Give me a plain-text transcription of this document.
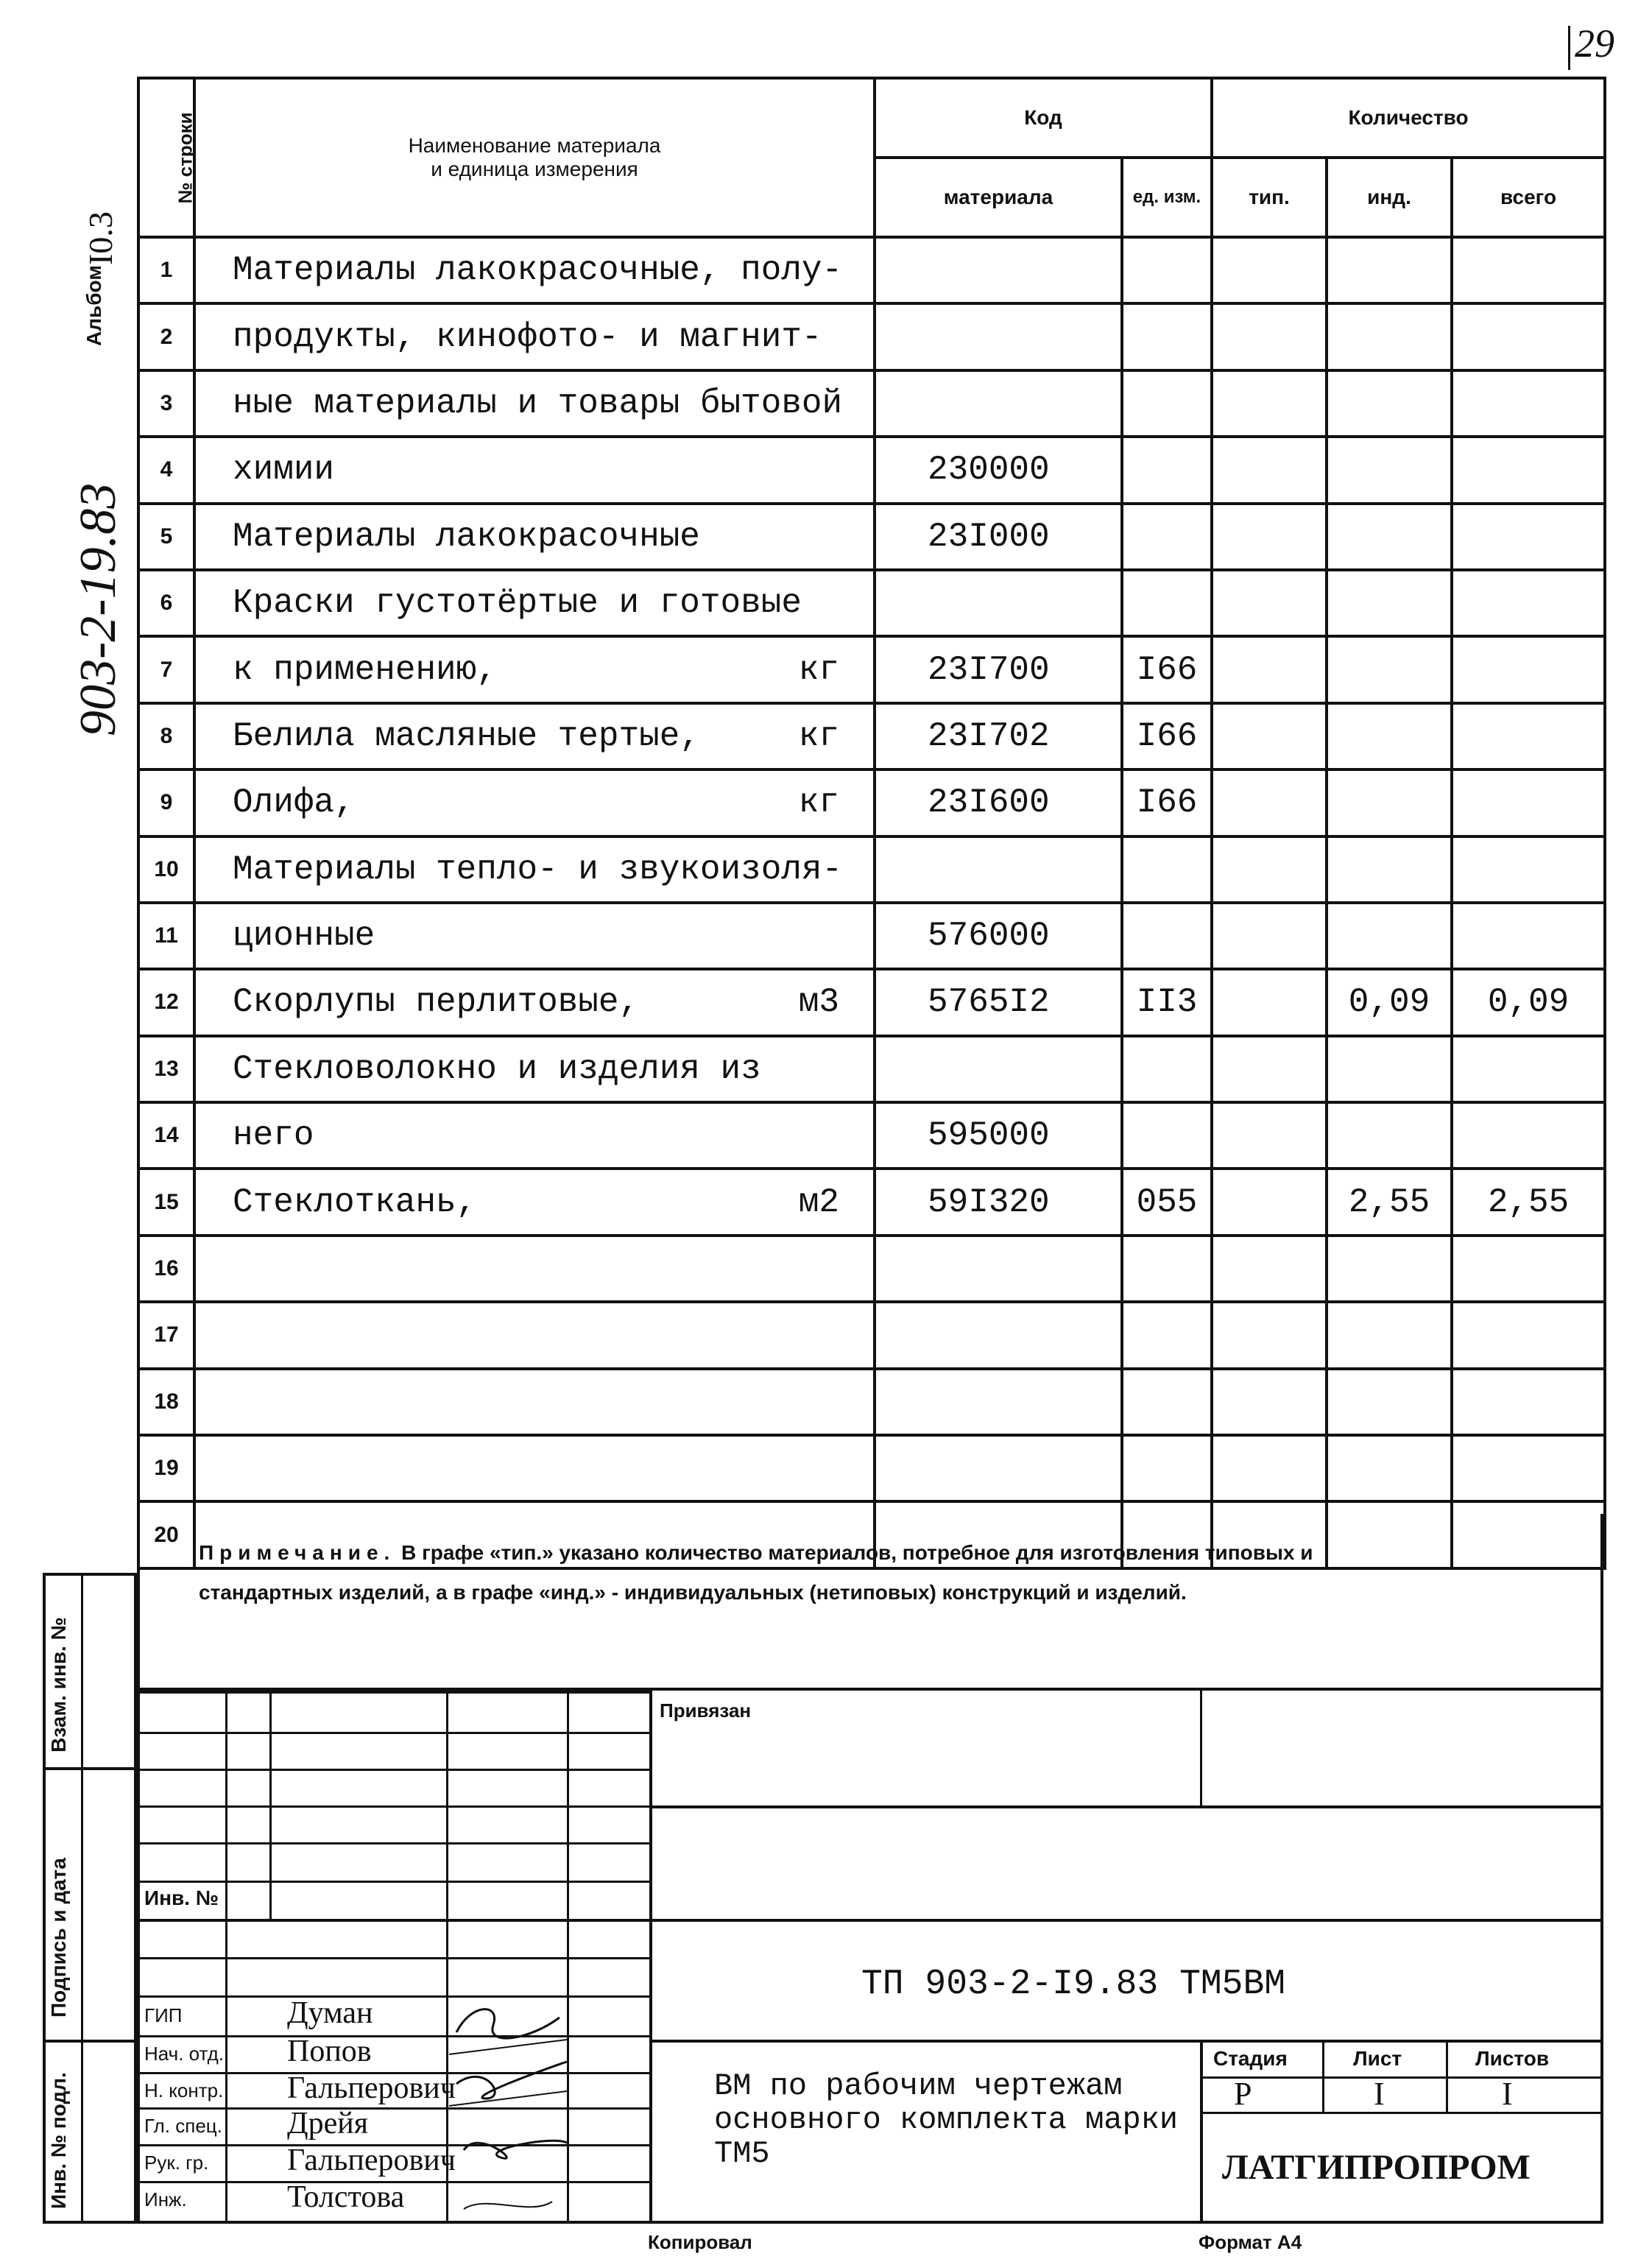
29
Альбом
I0.3
903-2-19.83
№ строки	Наименование материала
и единица измерения	Код		Количество		
		материала	ед. изм.	тип.	инд.	всего
1	Материалы лакокрасочные, полу-

2	продукты, кинофото- и магнит-

3	ные материалы и товары бытовой

4	химии	230000				
5	Материалы лакокрасочные	23I000				
6	Краски густотёртые и готовые

7	к применению, кг	23I700	I66			
8	Белила масляные тертые, кг	23I702	I66			
9	Олифа, кг	23I600	I66			
10	Материалы тепло- и звукоизоля-

11	ционные	576000				
12	Скорлупы перлитовые, м3	5765I2	II3		0,09	0,09
13	Стекловолокно и изделия из

14	него	595000				
15	Стеклоткань, м2	59I320	055		2,55	2,55
16	

17	

18	

19	

20	

Примечание. В графе «тип.» указано количество материалов, потребное для изготовления типовых и стандартных изделий, а в графе «инд.» - индивидуальных (нетиповых) конструкций и изделий.
Взам. инв. №
Подпись и дата
Инв. № подл.
Инв. №
Привязан
ТП 903-2-I9.83 ТМ5ВМ
ВМ по рабочим чертежам основного комплекта марки ТМ5
Стадия	Лист	Листов
Р	I	I
ЛАТГИПРОПРОМ
ГИП	Думан
Нач. отд. Попов
Н. контр. Гальперович
Гл. спец. Дрейя
Рук. гр.	Гальперович
Инж.	Толстова
Копировал	Формат А4
